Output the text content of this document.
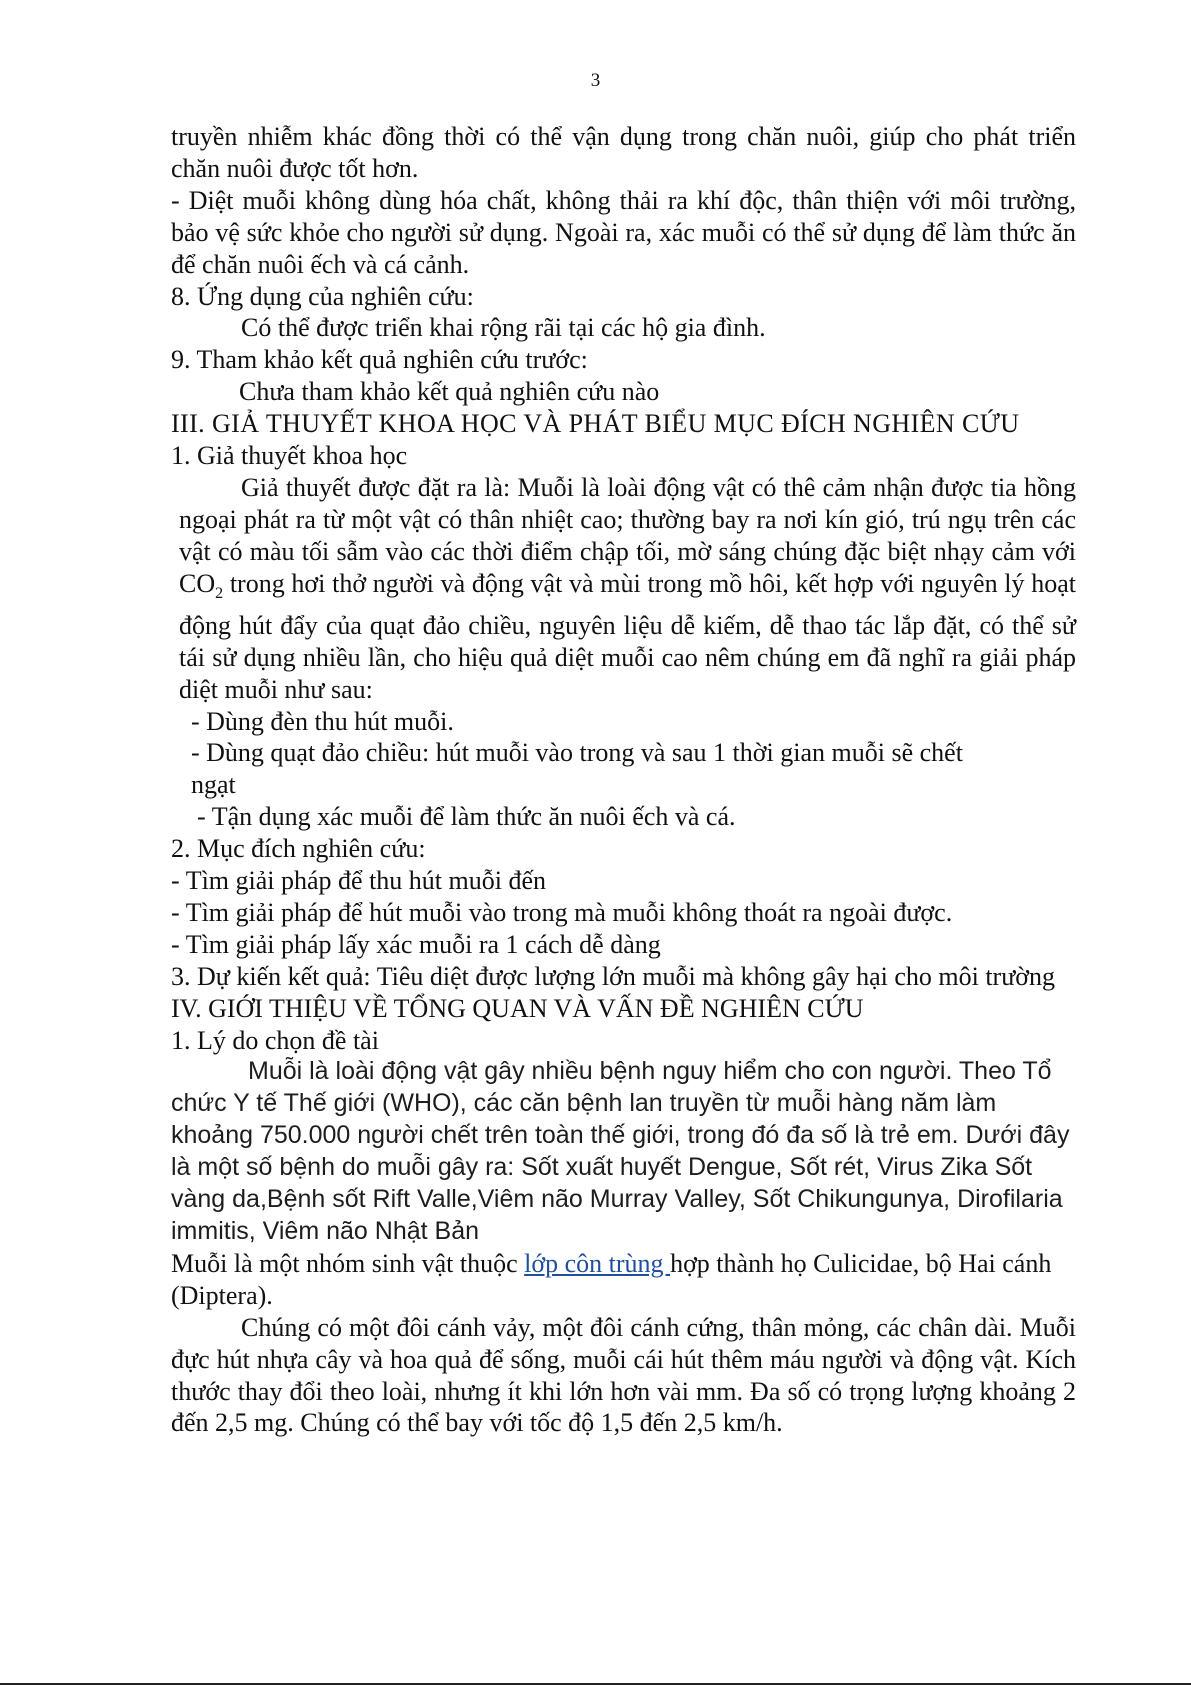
3

truyền nhiễm khác đồng thời có thể vận dụng trong chăn nuôi, giúp cho phát triển chăn nuôi được tốt hơn.

- Diệt muỗi không dùng hóa chất, không thải ra khí độc, thân thiện với môi trường, bảo vệ sức khỏe cho người sử dụng. Ngoài ra, xác muỗi có thể sử dụng để làm thức ăn để chăn nuôi ếch và cá cảnh.

8. Ứng dụng của nghiên cứu:

Có thể được triển khai rộng rãi tại các hộ gia đình.

9. Tham khảo kết quả nghiên cứu trước:

Chưa tham khảo kết quả nghiên cứu nào

III. GIẢ THUYẾT KHOA HỌC VÀ PHÁT BIỂU MỤC ĐÍCH NGHIÊN CỨU

1. Giả thuyết khoa học

Giả thuyết được đặt ra là: Muỗi là loài động vật có thê cảm nhận được tia hồng ngoại phát ra từ một vật có thân nhiệt cao; thường bay ra nơi kín gió, trú ngụ trên các vật có màu tối sẫm vào các thời điểm chập tối, mờ sáng chúng đặc biệt nhạy cảm với $CO_2$ trong hơi thở người và động vật và mùi trong mồ hôi, kết hợp với nguyên lý hoạt động hút đẩy của quạt đảo chiều, nguyên liệu dễ kiếm, dễ thao tác lắp đặt, có thể sử tái sử dụng nhiều lần, cho hiệu quả diệt muỗi cao nêm chúng em đã nghĩ ra giải pháp diệt muỗi như sau:

- Dùng đèn thu hút muỗi.

- Dùng quạt đảo chiều: hút muỗi vào trong và sau 1 thời gian muỗi sẽ chết

ngạt

- Tận dụng xác muỗi để làm thức ăn nuôi ếch và cá.

2. Mục đích nghiên cứu:

- Tìm giải pháp để thu hút muỗi đến

- Tìm giải pháp để hút muỗi vào trong mà muỗi không thoát ra ngoài được.

- Tìm giải pháp lấy xác muỗi ra 1 cách dễ dàng

3. Dự kiến kết quả: Tiêu diệt được lượng lớn muỗi mà không gây hại cho môi trường

IV. GIỚI THIỆU VỀ TỔNG QUAN VÀ VẤN ĐỀ NGHIÊN CỨU

1. Lý do chọn đề tài

Muỗi là loài động vật gây nhiều bệnh nguy hiểm cho con người. Theo Tổ chức Y tế Thế giới (WHO), các căn bệnh lan truyền từ muỗi hàng năm làm khoảng 750.000 người chết trên toàn thế giới, trong đó đa số là trẻ em. Dưới đây là một số bệnh do muỗi gây ra: Sốt xuất huyết Dengue, Sốt rét, Virus Zika Sốt vàng da,Bệnh sốt Rift Valle,Viêm não Murray Valley, Sốt Chikungunya, Dirofilaria immitis, Viêm não Nhật Bản

Muỗi là một nhóm sinh vật thuộc lớp côn trùng hợp thành họ Culicidae, bộ Hai cánh (Diptera).

Chúng có một đôi cánh vảy, một đôi cánh cứng, thân mỏng, các chân dài. Muỗi đực hút nhựa cây và hoa quả để sống, muỗi cái hút thêm máu người và động vật. Kích thước thay đổi theo loài, nhưng ít khi lớn hơn vài mm. Đa số có trọng lượng khoảng 2 đến 2,5 mg. Chúng có thể bay với tốc độ 1,5 đến 2,5 km/h.
